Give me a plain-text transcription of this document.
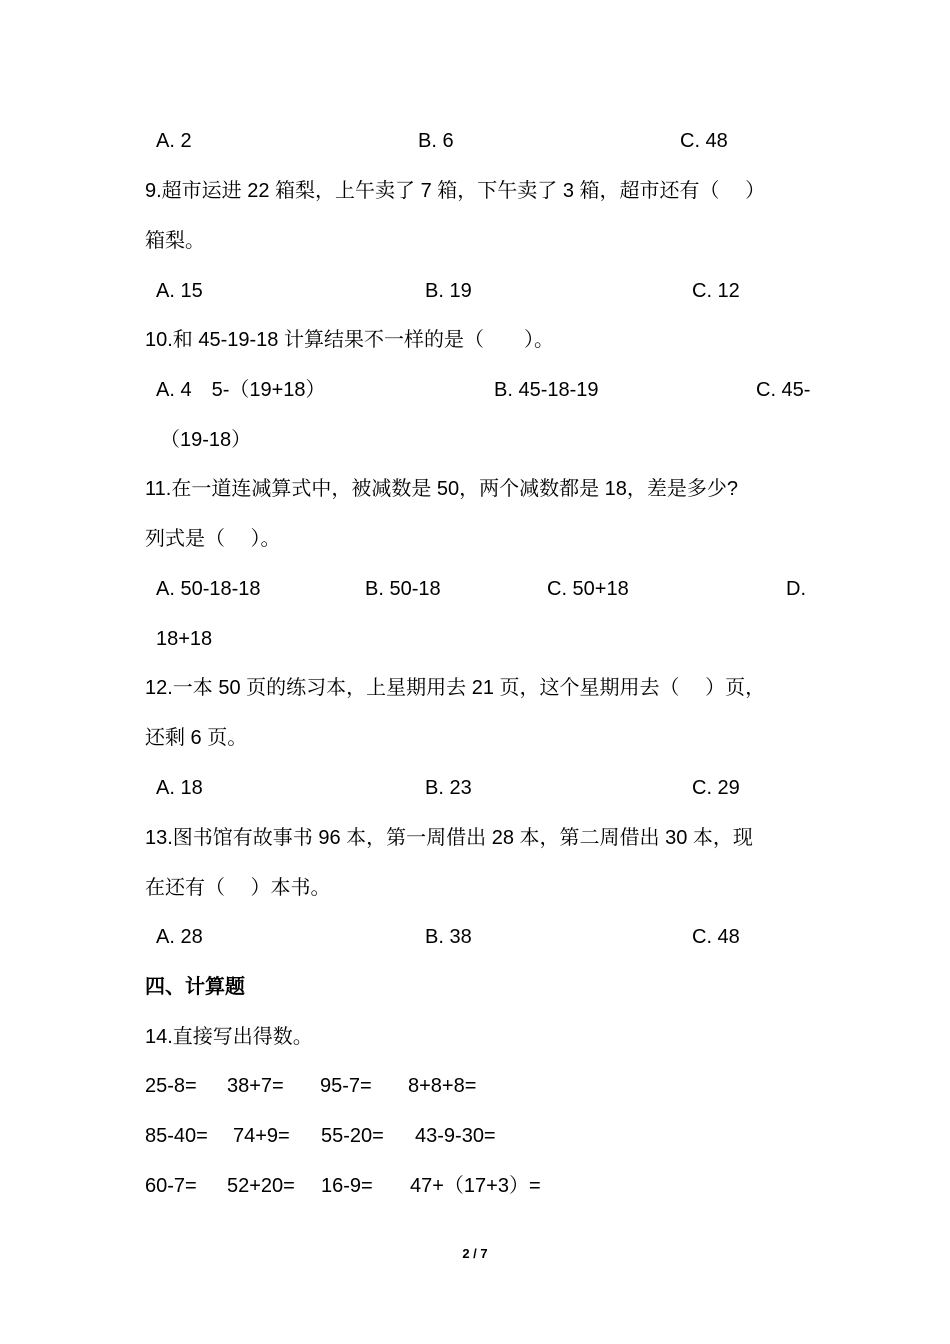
A. 2	B. 6	C. 48
9.超市运进 22 箱梨，上午卖了 7 箱，下午卖了 3 箱，超市还有（　 ）
箱梨。
A. 15	B. 19	C. 12
10.和 45-19-18 计算结果不一样的是（　　）。
A. 4　5-（19+18）	B. 45-18-19	C. 45-
（19-18）
11.在一道连减算式中，被减数是 50，两个减数都是 18，差是多少?
列式是（　 ）。
A. 50-18-18	B. 50-18	C. 50+18	D.
18+18
12.一本 50 页的练习本，上星期用去 21 页，这个星期用去（　 ）页，
还剩 6 页。
A. 18	B. 23	C. 29
13.图书馆有故事书 96 本，第一周借出 28 本，第二周借出 30 本，现
在还有（　 ）本书。
A. 28	B. 38	C. 48
四、计算题
14.直接写出得数。
25-8= 38+7= 95-7= 8+8+8=
85-40= 74+9= 55-20= 43-9-30=
60-7= 52+20= 16-9= 47+（17+3）=
2 / 7
